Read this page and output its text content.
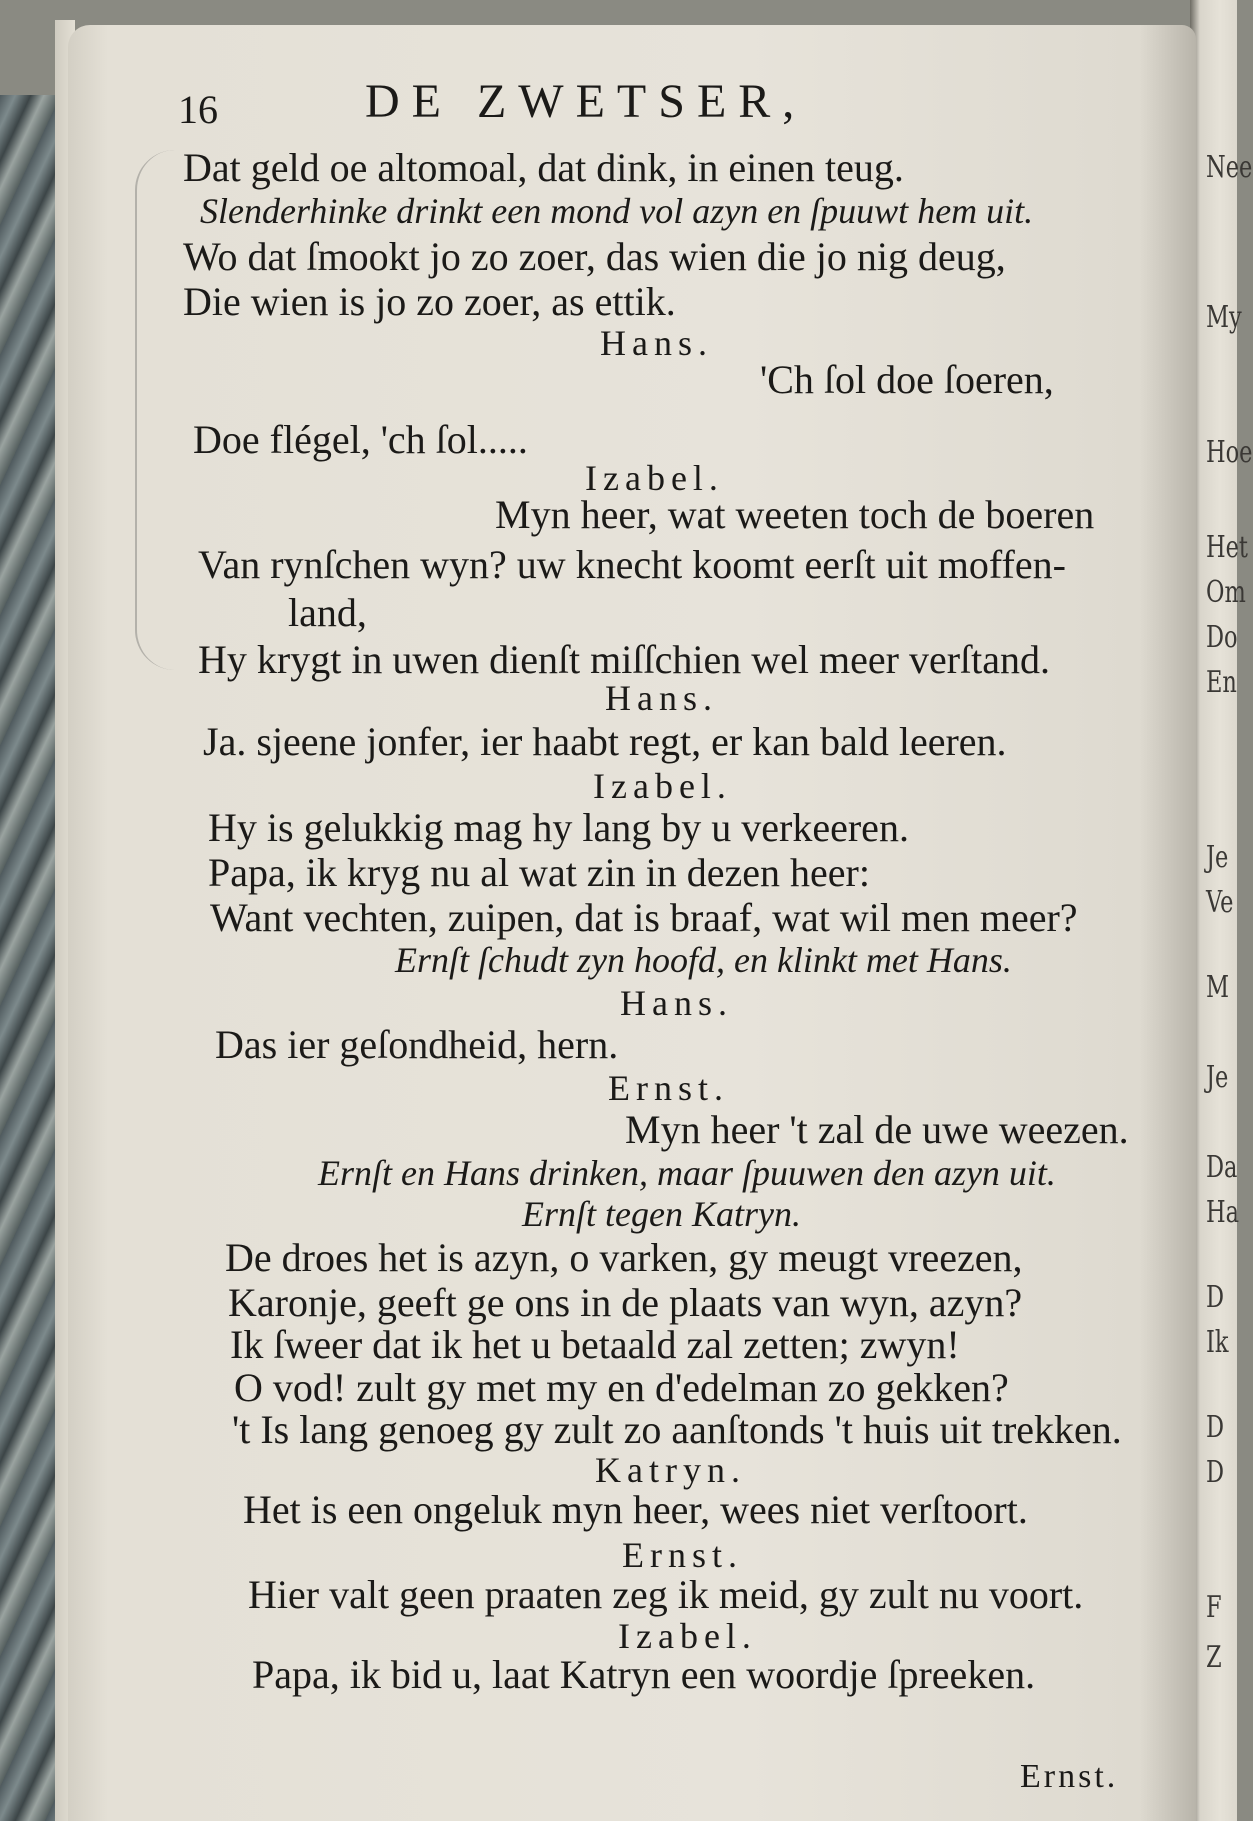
Nee
My
Hoe
Het
Om
Do
En
Je
Ve
M
Je
Da
Ha
D
Ik
D
D
F
Z
16	DE ZWETSER,
Dat geld oe altomoal, dat dink, in einen teug.
Slenderhinke drinkt een mond vol azyn en ſpuuwt hem uit.
Wo dat ſmookt jo zo zoer, das wien die jo nig deug,
Die wien is jo zo zoer, as ettik.
Hans.
'Ch ſol doe ſoeren,
Doe flégel, 'ch ſol.....
Izabel.
Myn heer, wat weeten toch de boeren
Van rynſchen wyn? uw knecht koomt eerſt uit moffen-
land,
Hy krygt in uwen dienſt miſſchien wel meer verſtand.
Hans.
Ja. sjeene jonfer, ier haabt regt, er kan bald leeren.
Izabel.
Hy is gelukkig mag hy lang by u verkeeren.
Papa, ik kryg nu al wat zin in dezen heer:
Want vechten, zuipen, dat is braaf, wat wil men meer?
Ernſt ſchudt zyn hoofd, en klinkt met Hans.
Hans.
Das ier geſondheid, hern.
Ernst.
Myn heer 't zal de uwe weezen.
Ernſt en Hans drinken, maar ſpuuwen den azyn uit.
Ernſt tegen Katryn.
De droes het is azyn, o varken, gy meugt vreezen,
Karonje, geeft ge ons in de plaats van wyn, azyn?
Ik ſweer dat ik het u betaald zal zetten; zwyn!
O vod! zult gy met my en d'edelman zo gekken?
't Is lang genoeg gy zult zo aanſtonds 't huis uit trekken.
Katryn.
Het is een ongeluk myn heer, wees niet verſtoort.
Ernst.
Hier valt geen praaten zeg ik meid, gy zult nu voort.
Izabel.
Papa, ik bid u, laat Katryn een woordje ſpreeken.
Ernst.
